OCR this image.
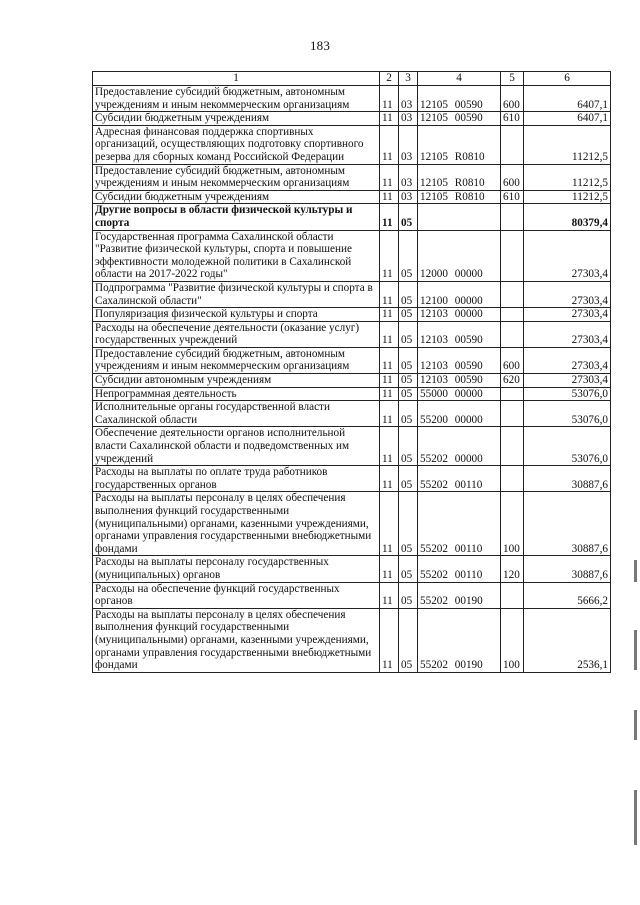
183
1	2	3	4	5	6
Предоставление субсидий бюджетным, автономным учреждениям и иным некоммерческим организациям	11	03	12105 00590	600	6407,1
Субсидии бюджетным учреждениям	11	03	12105 00590	610	6407,1
Адресная финансовая поддержка спортивных организаций, осуществляющих подготовку спортивного резерва для сборных команд Российской Федерации	11	03	12105 R0810		11212,5
Предоставление субсидий бюджетным, автономным учреждениям и иным некоммерческим организациям	11	03	12105 R0810	600	11212,5
Субсидии бюджетным учреждениям	11	03	12105 R0810	610	11212,5
Другие вопросы в области физической культуры и спорта	11	05			80379,4
Государственная программа Сахалинской области "Развитие физической культуры, спорта и повышение эффективности молодежной политики в Сахалинской области на 2017-2022 годы"	11	05	12000 00000		27303,4
Подпрограмма "Развитие физической культуры и спорта в Сахалинской области"	11	05	12100 00000		27303,4
Популяризация физической культуры и спорта	11	05	12103 00000		27303,4
Расходы на обеспечение деятельности (оказание услуг) государственных учреждений	11	05	12103 00590		27303,4
Предоставление субсидий бюджетным, автономным учреждениям и иным некоммерческим организациям	11	05	12103 00590	600	27303,4
Субсидии автономным учреждениям	11	05	12103 00590	620	27303,4
Непрограммная деятельность	11	05	55000 00000		53076,0
Исполнительные органы государственной власти Сахалинской области	11	05	55200 00000		53076,0
Обеспечение деятельности органов исполнительной власти Сахалинской области и подведомственных им учреждений	11	05	55202 00000		53076,0
Расходы на выплаты по оплате труда работников государственных органов	11	05	55202 00110		30887,6
Расходы на выплаты персоналу в целях обеспечения выполнения функций государственными (муниципальными) органами, казенными учреждениями, органами управления государственными внебюджетными фондами	11	05	55202 00110	100	30887,6
Расходы на выплаты персоналу государственных (муниципальных) органов	11	05	55202 00110	120	30887,6
Расходы на обеспечение функций государственных органов	11	05	55202 00190		5666,2
Расходы на выплаты персоналу в целях обеспечения выполнения функций государственными (муниципальными) органами, казенными учреждениями, органами управления государственными внебюджетными фондами	11	05	55202 00190	100	2536,1
